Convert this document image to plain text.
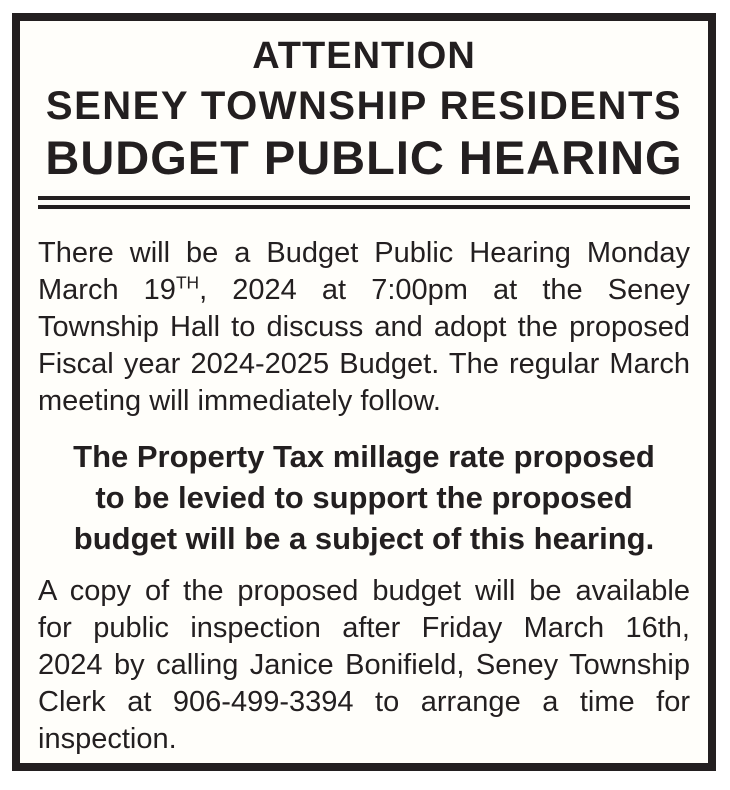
ATTENTION
SENEY TOWNSHIP RESIDENTS
BUDGET PUBLIC HEARING
There will be a Budget Public Hearing Monday
March 19TH, 2024 at 7:00pm at the Seney
Township Hall to discuss and adopt the proposed
Fiscal year 2024-2025 Budget. The regular March
meeting will immediately follow.
The Property Tax millage rate proposed
to be levied to support the proposed
budget will be a subject of this hearing.
A copy of the proposed budget will be available
for public inspection after Friday March 16th,
2024 by calling Janice Bonifield, Seney Township
Clerk at 906-499-3394 to arrange a time for
inspection.
